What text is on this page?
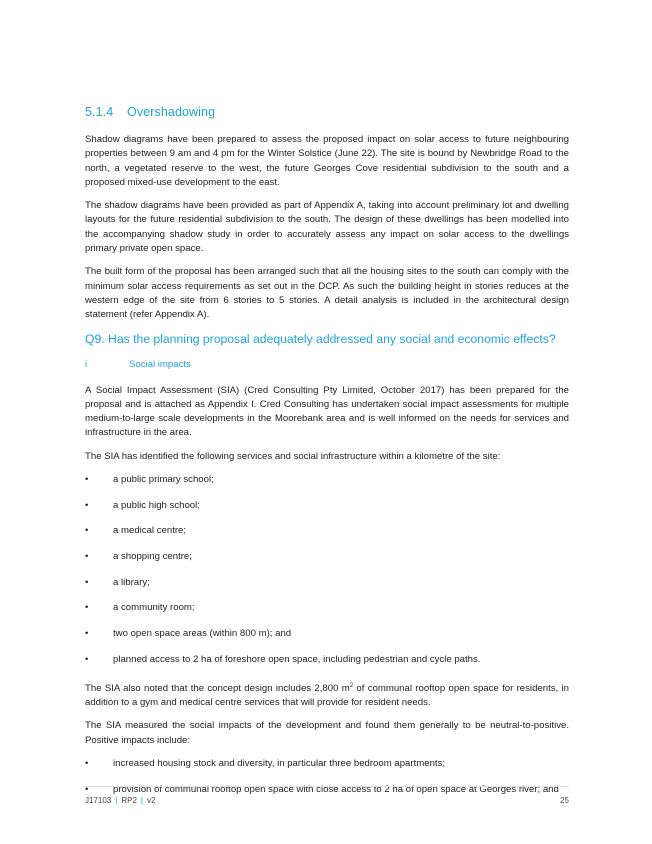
5.1.4 Overshadowing

Shadow diagrams have been prepared to assess the proposed impact on solar access to future neighbouring properties between 9 am and 4 pm for the Winter Solstice (June 22). The site is bound by Newbridge Road to the north, a vegetated reserve to the west, the future Georges Cove residential subdivision to the south and a proposed mixed-use development to the east.

The shadow diagrams have been provided as part of Appendix A, taking into account preliminary lot and dwelling layouts for the future residential subdivision to the south. The design of these dwellings has been modelled into the accompanying shadow study in order to accurately assess any impact on solar access to the dwellings primary private open space.

The built form of the proposal has been arranged such that all the housing sites to the south can comply with the minimum solar access requirements as set out in the DCP. As such the building height in stories reduces at the western edge of the site from 6 stories to 5 stories. A detail analysis is included in the architectural design statement (refer Appendix A).

Q9. Has the planning proposal adequately addressed any social and economic effects?
i	Social impacts

A Social Impact Assessment (SIA) (Cred Consulting Pty Limited, October 2017) has been prepared for the proposal and is attached as Appendix I. Cred Consulting has undertaken social impact assessments for multiple medium-to-large scale developments in the Moorebank area and is well informed on the needs for services and infrastructure in the area.

The SIA has identified the following services and social infrastructure within a kilometre of the site:

•	a public primary school;
•	a public high school;
•	a medical centre;
•	a shopping centre;
•	a library;
•	a community room;
•	two open space areas (within 800 m); and
•	planned access to 2 ha of foreshore open space, including pedestrian and cycle paths.

The SIA also noted that the concept design includes 2,800 $m^2$ of communal rooftop open space for residents, in addition to a gym and medical centre services that will provide for resident needs.

The SIA measured the social impacts of the development and found them generally to be neutral-to-positive. Positive impacts include:

•	increased housing stock and diversity, in particular three bedroom apartments;
•	provision of communal rooftop open space with close access to 2 ha of open space at Georges river; and
J17103 | RP2 | v2	25
